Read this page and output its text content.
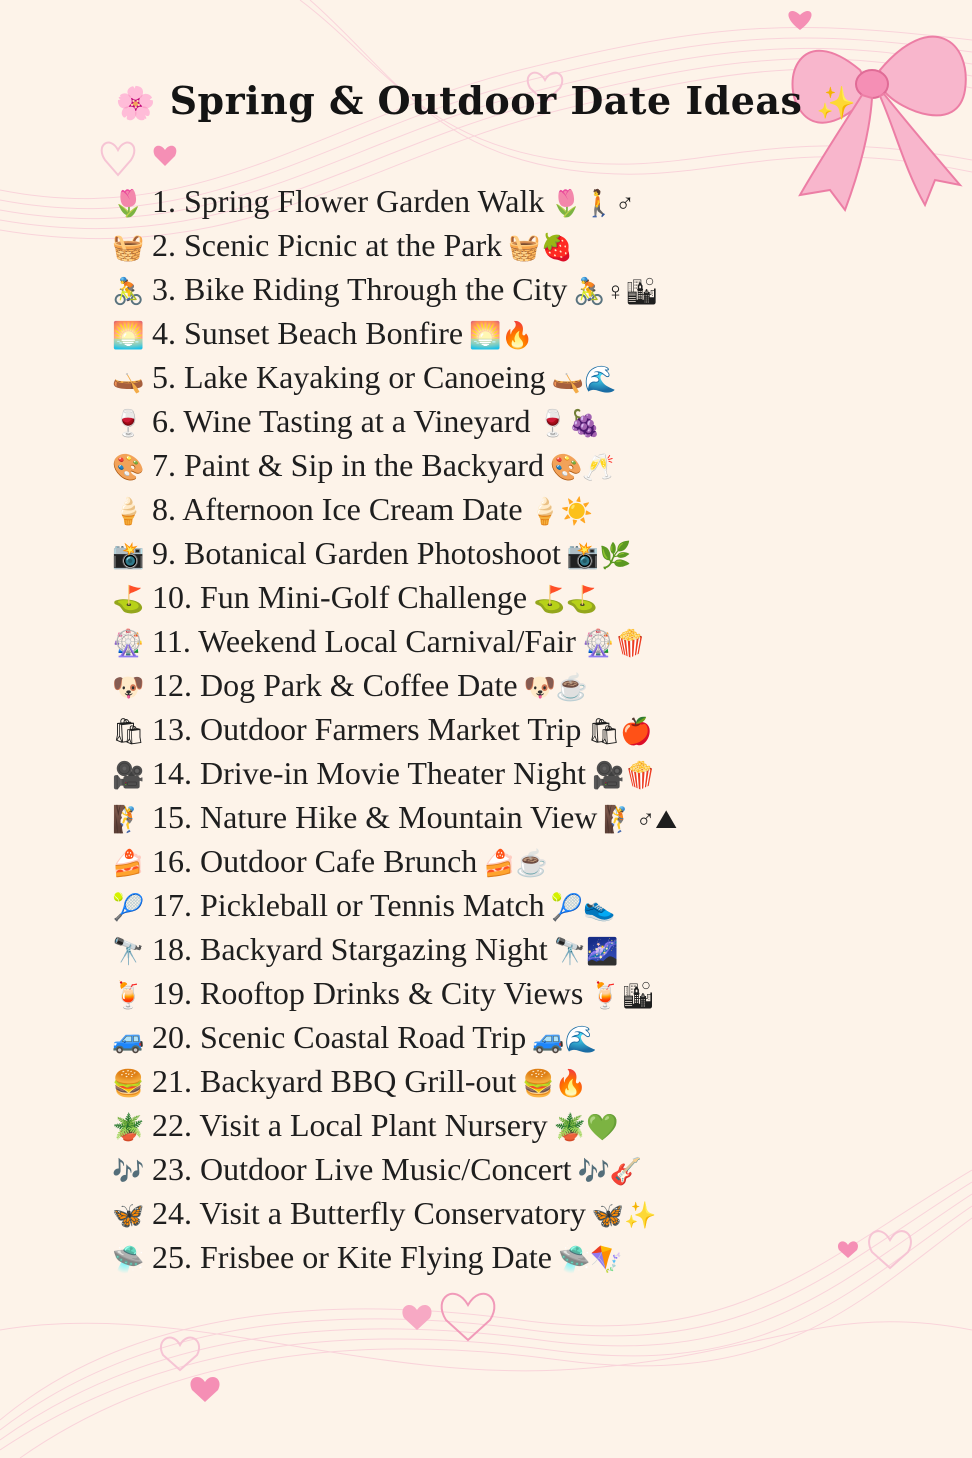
🌸 Spring & Outdoor Date Ideas ✨
🌷 1. Spring Flower Garden Walk 🌷🚶♂
🧺 2. Scenic Picnic at the Park 🧺🍓
🚴 3. Bike Riding Through the City 🚴♀🏙
🌅 4. Sunset Beach Bonfire 🌅🔥
🛶 5. Lake Kayaking or Canoeing 🛶🌊
🍷 6. Wine Tasting at a Vineyard 🍷🍇
🎨 7. Paint & Sip in the Backyard 🎨🥂
🍦 8. Afternoon Ice Cream Date 🍦☀️
📸 9. Botanical Garden Photoshoot 📸🌿
⛳ 10. Fun Mini-Golf Challenge ⛳⛳
🎡 11. Weekend Local Carnival/Fair 🎡🍿
🐶 12. Dog Park & Coffee Date 🐶☕
🛍 13. Outdoor Farmers Market Trip 🛍🍎
🎥 14. Drive-in Movie Theater Night 🎥🍿
🧗 15. Nature Hike & Mountain View 🧗♂⛰
🍰 16. Outdoor Cafe Brunch 🍰☕
🎾 17. Pickleball or Tennis Match 🎾👟
🔭 18. Backyard Stargazing Night 🔭🌌
🍹 19. Rooftop Drinks & City Views 🍹🏙
🚙 20. Scenic Coastal Road Trip 🚙🌊
🍔 21. Backyard BBQ Grill-out 🍔🔥
🪴 22. Visit a Local Plant Nursery 🪴💚
🎶 23. Outdoor Live Music/Concert 🎶🎸
🦋 24. Visit a Butterfly Conservatory 🦋✨
🛸 25. Frisbee or Kite Flying Date 🛸🪁
